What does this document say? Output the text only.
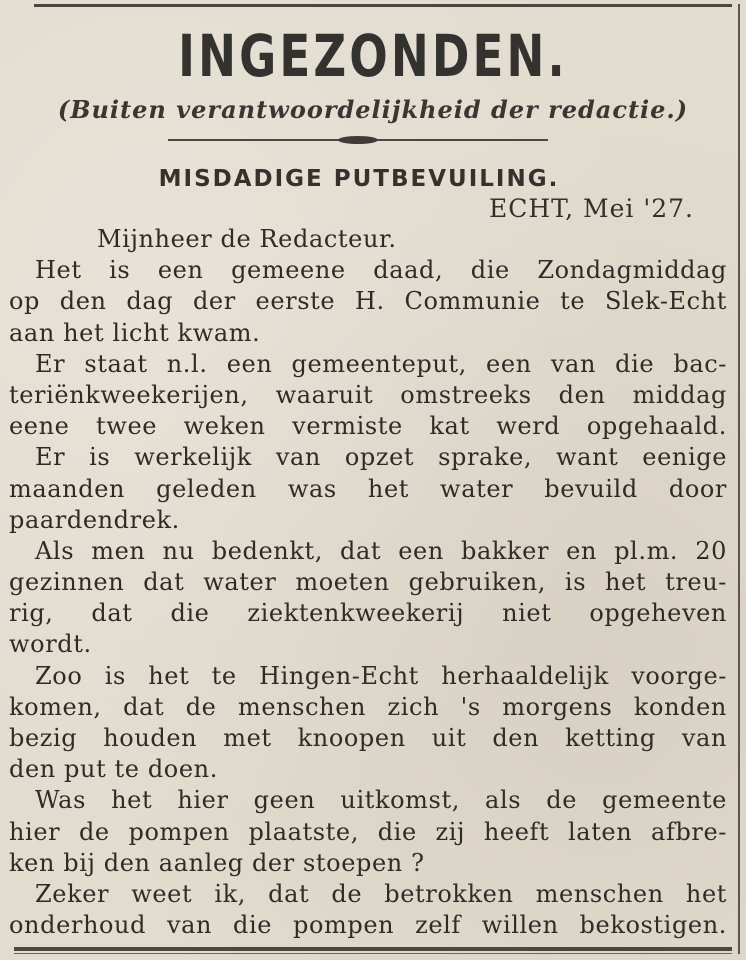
INGEZONDEN.
(Buiten verantwoordelijkheid der redactie.)
MISDADIGE PUTBEVUILING.
ECHT, Mei '27.
Mijnheer de Redacteur.
Het is een gemeene daad, die Zondagmiddag
op den dag der eerste H. Communie te Slek-Echt
aan het licht kwam.
Er staat n.l. een gemeenteput, een van die bac-
teriënkweekerijen, waaruit omstreeks den middag
eene twee weken vermiste kat werd opgehaald.
Er is werkelijk van opzet sprake, want eenige
maanden geleden was het water bevuild door
paardendrek.
Als men nu bedenkt, dat een bakker en pl.m. 20
gezinnen dat water moeten gebruiken, is het treu-
rig, dat die ziektenkweekerij niet opgeheven
wordt.
Zoo is het te Hingen-Echt herhaaldelijk voorge-
komen, dat de menschen zich 's morgens konden
bezig houden met knoopen uit den ketting van
den put te doen.
Was het hier geen uitkomst, als de gemeente
hier de pompen plaatste, die zij heeft laten afbre-
ken bij den aanleg der stoepen ?
Zeker weet ik, dat de betrokken menschen het
onderhoud van die pompen zelf willen bekostigen.
